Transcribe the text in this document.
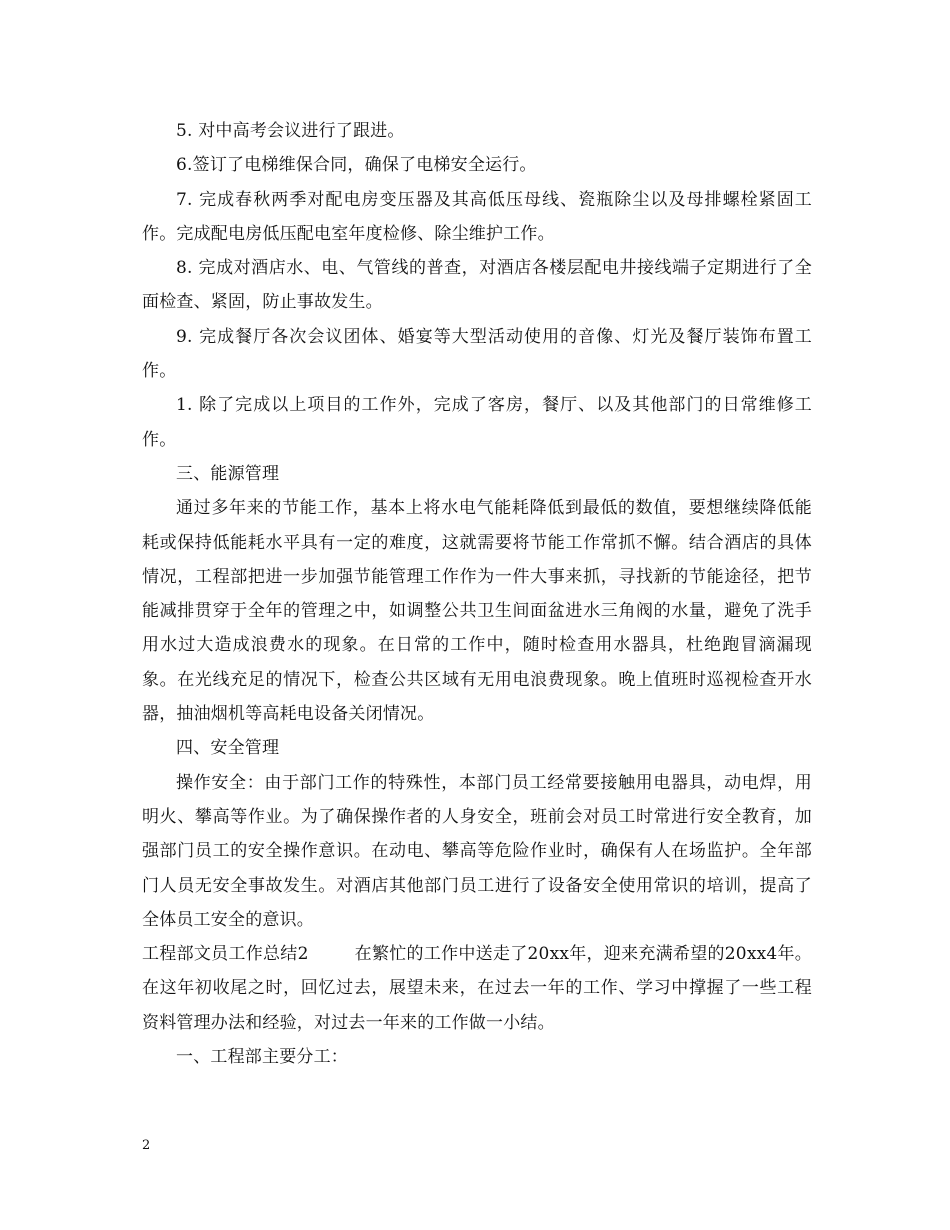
5. 对中高考会议进行了跟进。

6.签订了电梯维保合同，确保了电梯安全运行。

7. 完成春秋两季对配电房变压器及其高低压母线、瓷瓶除尘以及母排螺栓紧固工作。完成配电房低压配电室年度检修、除尘维护工作。

8. 完成对酒店水、电、气管线的普查，对酒店各楼层配电井接线端子定期进行了全面检查、紧固，防止事故发生。

9. 完成餐厅各次会议团体、婚宴等大型活动使用的音像、灯光及餐厅装饰布置工作。

1. 除了完成以上项目的工作外，完成了客房，餐厅、以及其他部门的日常维修工作。

三、能源管理

通过多年来的节能工作，基本上将水电气能耗降低到最低的数值，要想继续降低能耗或保持低能耗水平具有一定的难度，这就需要将节能工作常抓不懈。结合酒店的具体情况，工程部把进一步加强节能管理工作作为一件大事来抓，寻找新的节能途径，把节能减排贯穿于全年的管理之中，如调整公共卫生间面盆进水三角阀的水量，避免了洗手用水过大造成浪费水的现象。在日常的工作中，随时检查用水器具，杜绝跑冒滴漏现象。在光线充足的情况下，检查公共区域有无用电浪费现象。晚上值班时巡视检查开水器，抽油烟机等高耗电设备关闭情况。

四、安全管理

操作安全：由于部门工作的特殊性，本部门员工经常要接触用电器具，动电焊，用明火、攀高等作业。为了确保操作者的人身安全，班前会对员工时常进行安全教育，加强部门员工的安全操作意识。在动电、攀高等危险作业时，确保有人在场监护。全年部门人员无安全事故发生。对酒店其他部门员工进行了设备安全使用常识的培训，提高了全体员工安全的意识。

工程部文员工作总结2	在繁忙的工作中送走了20xx年，迎来充满希望的20xx4年。在这年初收尾之时，回忆过去，展望未来，在过去一年的工作、学习中撑握了一些工程资料管理办法和经验，对过去一年来的工作做一小结。

一、工程部主要分工：

2
